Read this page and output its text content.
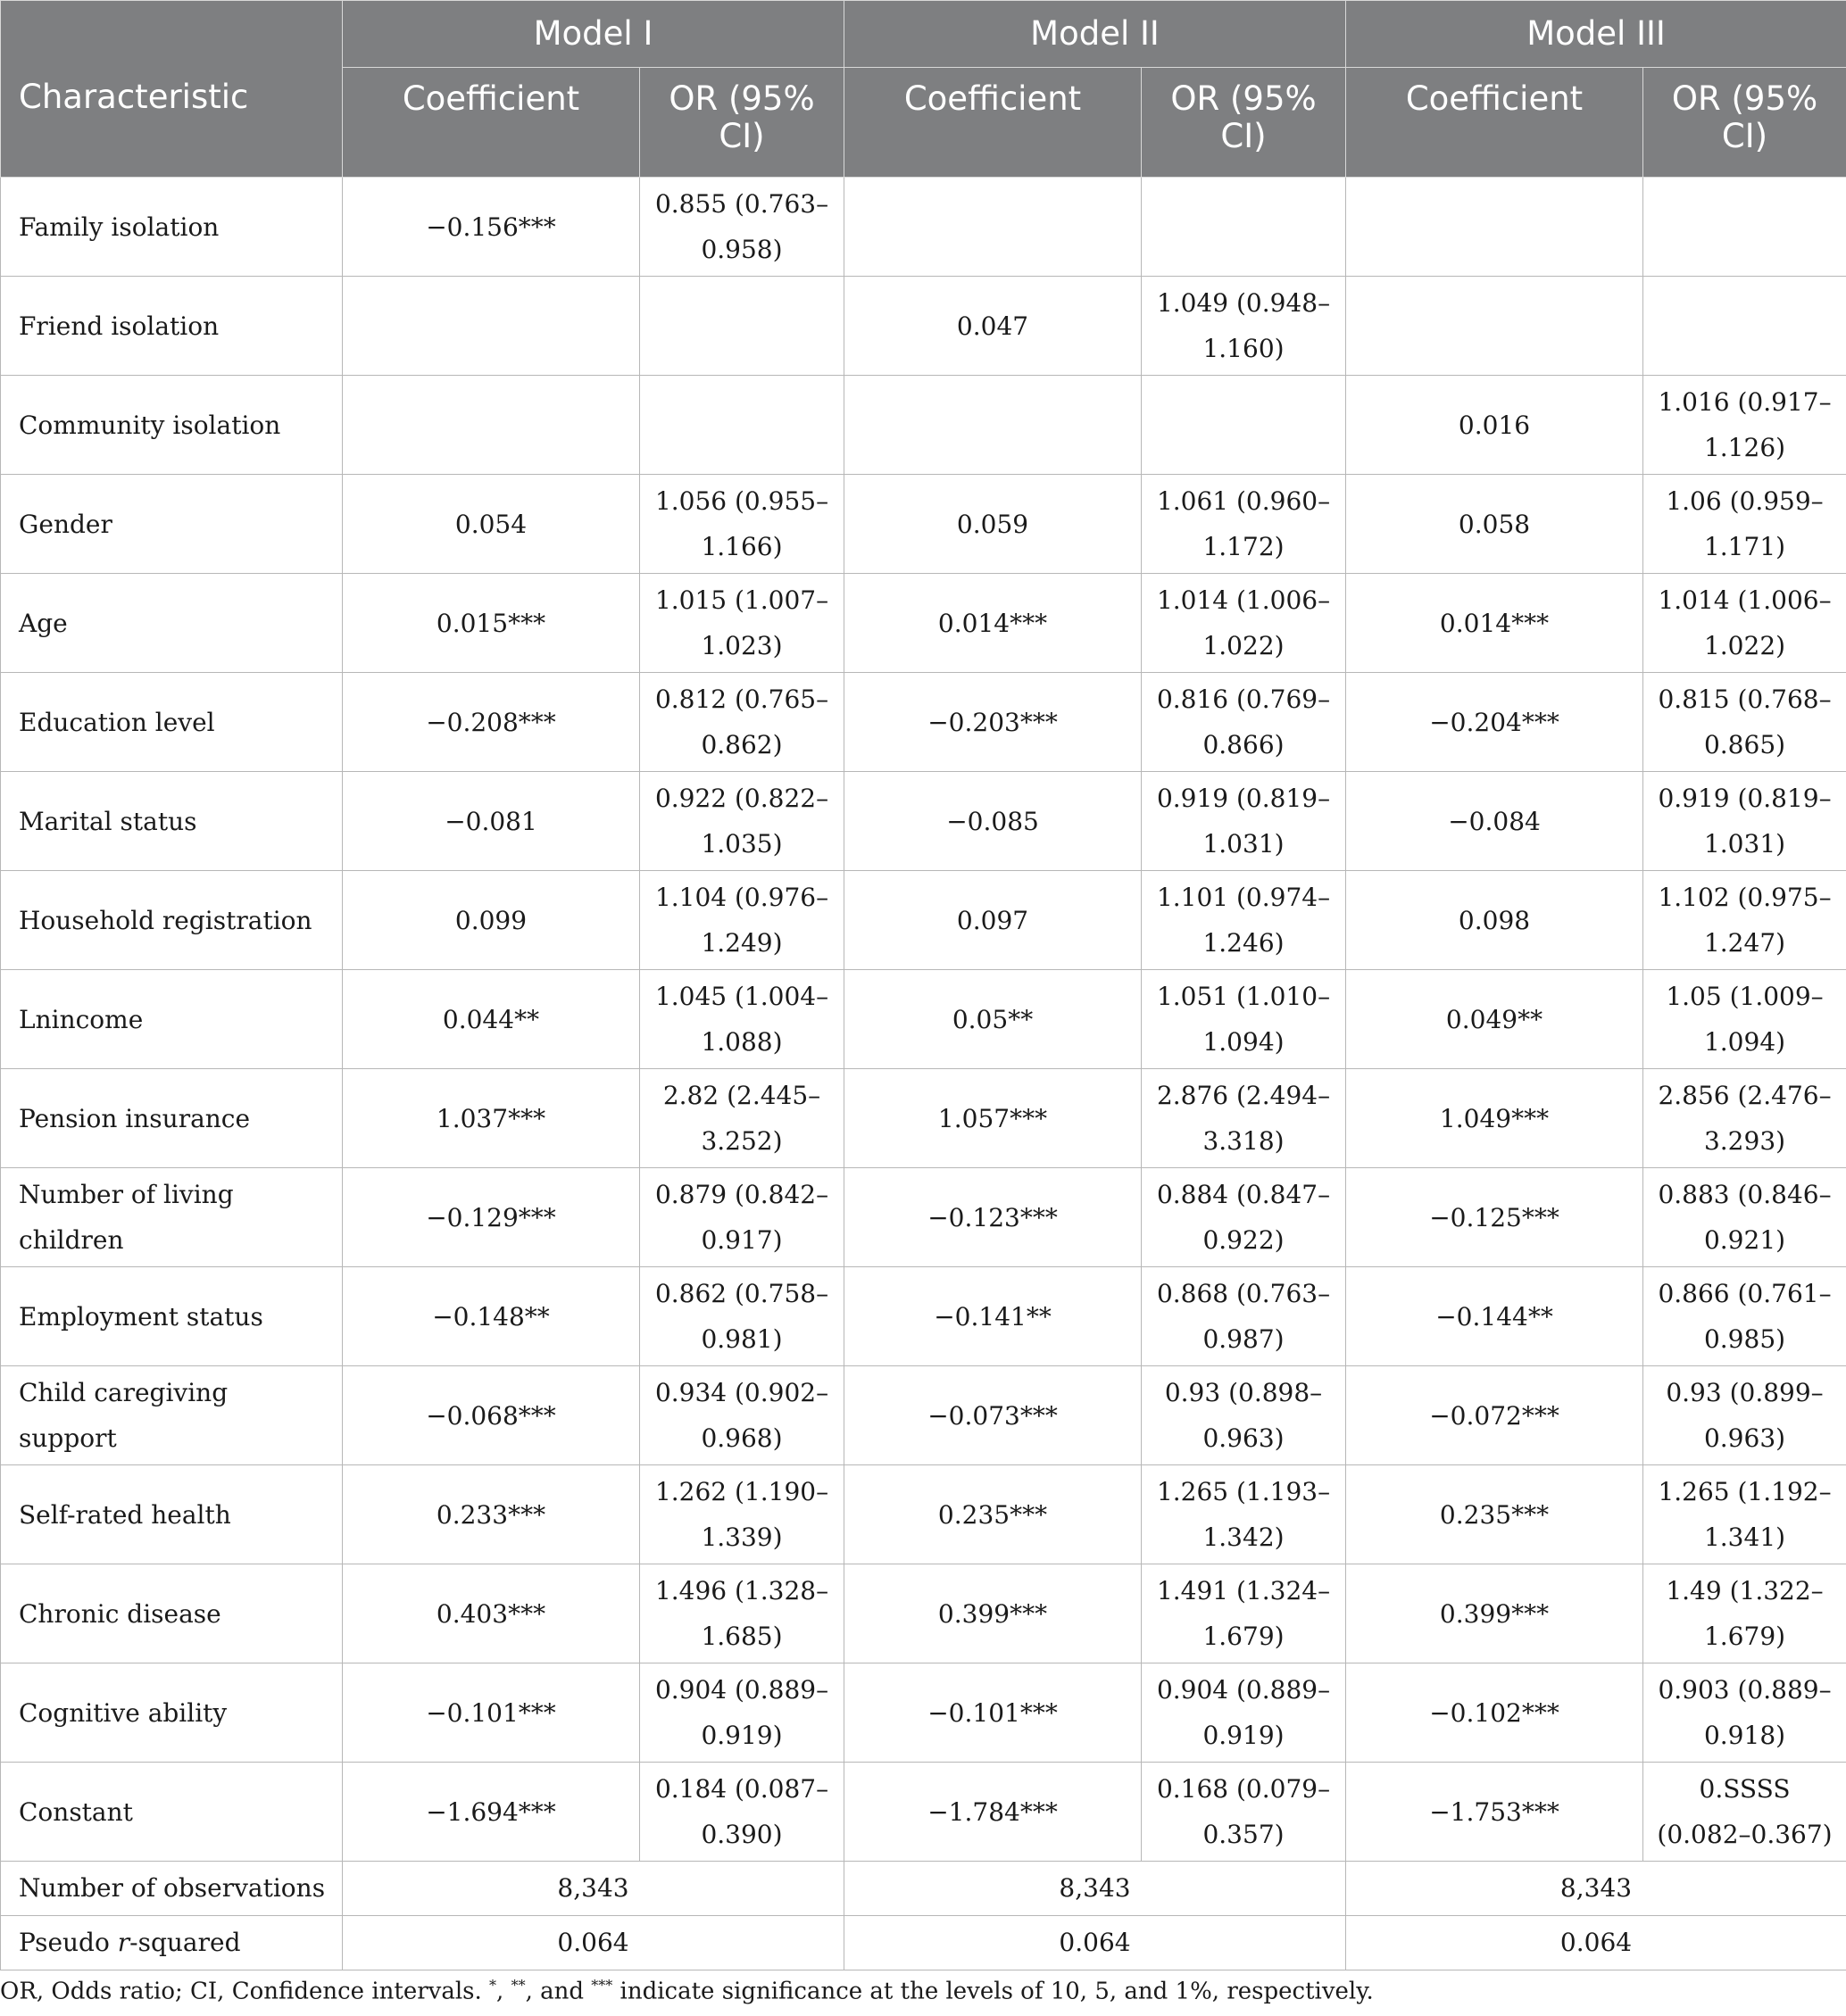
Characteristic	Model I		Model II		Model III	
	Coefficient	OR (95% CI)	Coefficient	OR (95% CI)	Coefficient	OR (95% CI)
Family isolation	−0.156***	0.855 (0.763–0.958)				
Friend isolation			0.047	1.049 (0.948–1.160)		
Community isolation					0.016	1.016 (0.917–1.126)
Gender	0.054	1.056 (0.955–1.166)	0.059	1.061 (0.960–1.172)	0.058	1.06 (0.959–1.171)
Age	0.015***	1.015 (1.007–1.023)	0.014***	1.014 (1.006–1.022)	0.014***	1.014 (1.006–1.022)
Education level	−0.208***	0.812 (0.765–0.862)	−0.203***	0.816 (0.769–0.866)	−0.204***	0.815 (0.768–0.865)
Marital status	−0.081	0.922 (0.822–1.035)	−0.085	0.919 (0.819–1.031)	−0.084	0.919 (0.819–1.031)
Household registration	0.099	1.104 (0.976–1.249)	0.097	1.101 (0.974–1.246)	0.098	1.102 (0.975–1.247)
Lnincome	0.044**	1.045 (1.004–1.088)	0.05**	1.051 (1.010–1.094)	0.049**	1.05 (1.009–1.094)
Pension insurance	1.037***	2.82 (2.445–3.252)	1.057***	2.876 (2.494–3.318)	1.049***	2.856 (2.476–3.293)
Number of living children	−0.129***	0.879 (0.842–0.917)	−0.123***	0.884 (0.847–0.922)	−0.125***	0.883 (0.846–0.921)
Employment status	−0.148**	0.862 (0.758–0.981)	−0.141**	0.868 (0.763–0.987)	−0.144**	0.866 (0.761–0.985)
Child caregiving support	−0.068***	0.934 (0.902–0.968)	−0.073***	0.93 (0.898–0.963)	−0.072***	0.93 (0.899–0.963)
Self-rated health	0.233***	1.262 (1.190–1.339)	0.235***	1.265 (1.193–1.342)	0.235***	1.265 (1.192–1.341)
Chronic disease	0.403***	1.496 (1.328–1.685)	0.399***	1.491 (1.324–1.679)	0.399***	1.49 (1.322–1.679)
Cognitive ability	−0.101***	0.904 (0.889–0.919)	−0.101***	0.904 (0.889–0.919)	−0.102***	0.903 (0.889–0.918)
Constant	−1.694***	0.184 (0.087–0.390)	−1.784***	0.168 (0.079–0.357)	−1.753***	0.SSSS (0.082–0.367)
Number of observations	8,343		8,343		8,343	
Pseudo r-squared	0.064		0.064		0.064	
OR, Odds ratio; CI, Confidence intervals. *, **, and *** indicate significance at the levels of 10, 5, and 1%, respectively.
